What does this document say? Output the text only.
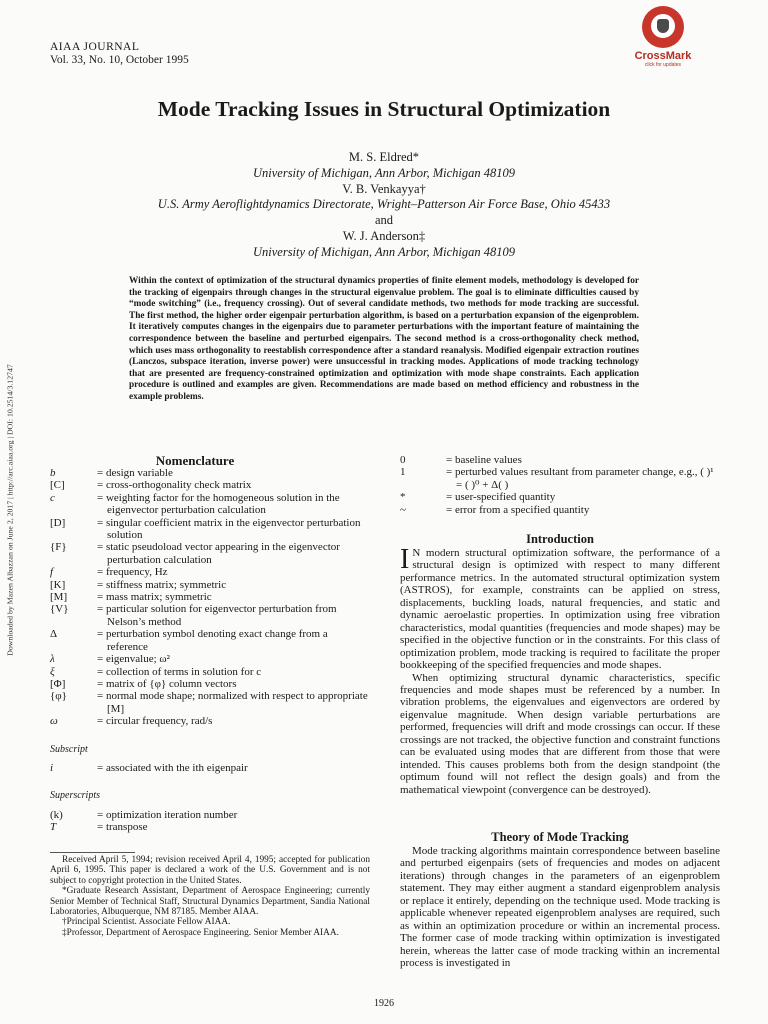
AIAA JOURNAL
Vol. 33, No. 10, October 1995	CrossMark
click for updates
Downloaded by Mazen Albazzan on June 2, 2017 | http://arc.aiaa.org | DOI: 10.2514/3.12747
Mode Tracking Issues in Structural Optimization
M. S. Eldred*
University of Michigan, Ann Arbor, Michigan 48109
V. B. Venkayya†
U.S. Army Aeroflightdynamics Directorate, Wright–Patterson Air Force Base, Ohio 45433
and
W. J. Anderson‡
University of Michigan, Ann Arbor, Michigan 48109
Within the context of optimization of the structural dynamics properties of finite element models, methodology is developed for the tracking of eigenpairs through changes in the structural eigenvalue problem. The goal is to eliminate difficulties caused by “mode switching” (i.e., frequency crossing). Out of several candidate methods, two methods for mode tracking are successful. The first method, the higher order eigenpair perturbation algorithm, is based on a perturbation expansion of the eigenproblem. It iteratively computes changes in the eigenpairs due to parameter perturbations with the important feature of maintaining the correspondence between the baseline and perturbed eigenpairs. The second method is a cross-orthogonality check method, which uses mass orthogonality to reestablish correspondence after a standard reanalysis. Modified eigenpair extraction routines (Lanczos, subspace iteration, inverse power) were unsuccessful in tracking modes. Applications of mode tracking technology that are presented are frequency-constrained optimization and optimization with mode shape constraints. Each application procedure is outlined and examples are given. Recommendations are made based on method efficiency and robustness in the example problems.
Nomenclature
b	= design variable
[C]	= cross-orthogonality check matrix
c	= weighting factor for the homogeneous solution in the eigenvector perturbation calculation
[D]	= singular coefficient matrix in the eigenvector perturbation solution
{F}	= static pseudoload vector appearing in the eigenvector perturbation calculation
f	= frequency, Hz
[K]	= stiffness matrix; symmetric
[M]	= mass matrix; symmetric
{V}	= particular solution for eigenvector perturbation from Nelson’s method
Δ	= perturbation symbol denoting exact change from a reference
λ	= eigenvalue; ω²
ξ	= collection of terms in solution for c
[Φ]	= matrix of {φ} column vectors
{φ}	= normal mode shape; normalized with respect to appropriate [M]
ω	= circular frequency, rad/s
Subscript
i	= associated with the ith eigenpair
Superscripts
(k)	= optimization iteration number
T	= transpose

Received April 5, 1994; revision received April 4, 1995; accepted for publication April 6, 1995. This paper is declared a work of the U.S. Government and is not subject to copyright protection in the United States.

*Graduate Research Assistant, Department of Aerospace Engineering; currently Senior Member of Technical Staff, Structural Dynamics Department, Sandia National Laboratories, Albuquerque, NM 87185. Member AIAA.

†Principal Scientist. Associate Fellow AIAA.

‡Professor, Department of Aerospace Engineering. Senior Member AIAA.

0	= baseline values
1	= perturbed values resultant from parameter change, e.g., ( )¹ = ( )⁰ + Δ( )
*	= user-specified quantity
~	= error from a specified quantity
Introduction

I N modern structural optimization software, the performance of a structural design is optimized with respect to many different performance metrics. In the automated structural optimization system (ASTROS), for example, constraints can be applied on stress, displacements, buckling loads, natural frequencies, and static and dynamic aeroelastic properties. In optimization using free vibration characteristics, modal quantities (frequencies and mode shapes) may be specified in the objective function or in the constraints. For this class of optimization problem, mode tracking is required to facilitate the proper bookkeeping of the specified frequencies and mode shapes.

When optimizing structural dynamic characteristics, specific frequencies and mode shapes must be referenced by a number. In vibration problems, the eigenvalues and eigenvectors are ordered by eigenvalue magnitude. When design variable perturbations are performed, frequencies will drift and mode crossings can occur. If these crossings are not tracked, the objective function and constraint functions can be evaluated using modes that are different from those that were intended. This causes problems both from the design standpoint (the optimum found will not reflect the design goals) and from the mathematical viewpoint (convergence can be destroyed).

Theory of Mode Tracking

Mode tracking algorithms maintain correspondence between baseline and perturbed eigenpairs (sets of frequencies and modes on adjacent iterations) through changes in the parameters of an eigenproblem statement. They may either augment a standard eigenproblem analysis or replace it entirely, depending on the technique used. Mode tracking is applicable whenever repeated eigenproblem analyses are required, such as within an optimization procedure or within an incremental process. The former case of mode tracking within optimization is investigated herein, whereas the latter case of mode tracking within an incremental process is investigated in

1926
